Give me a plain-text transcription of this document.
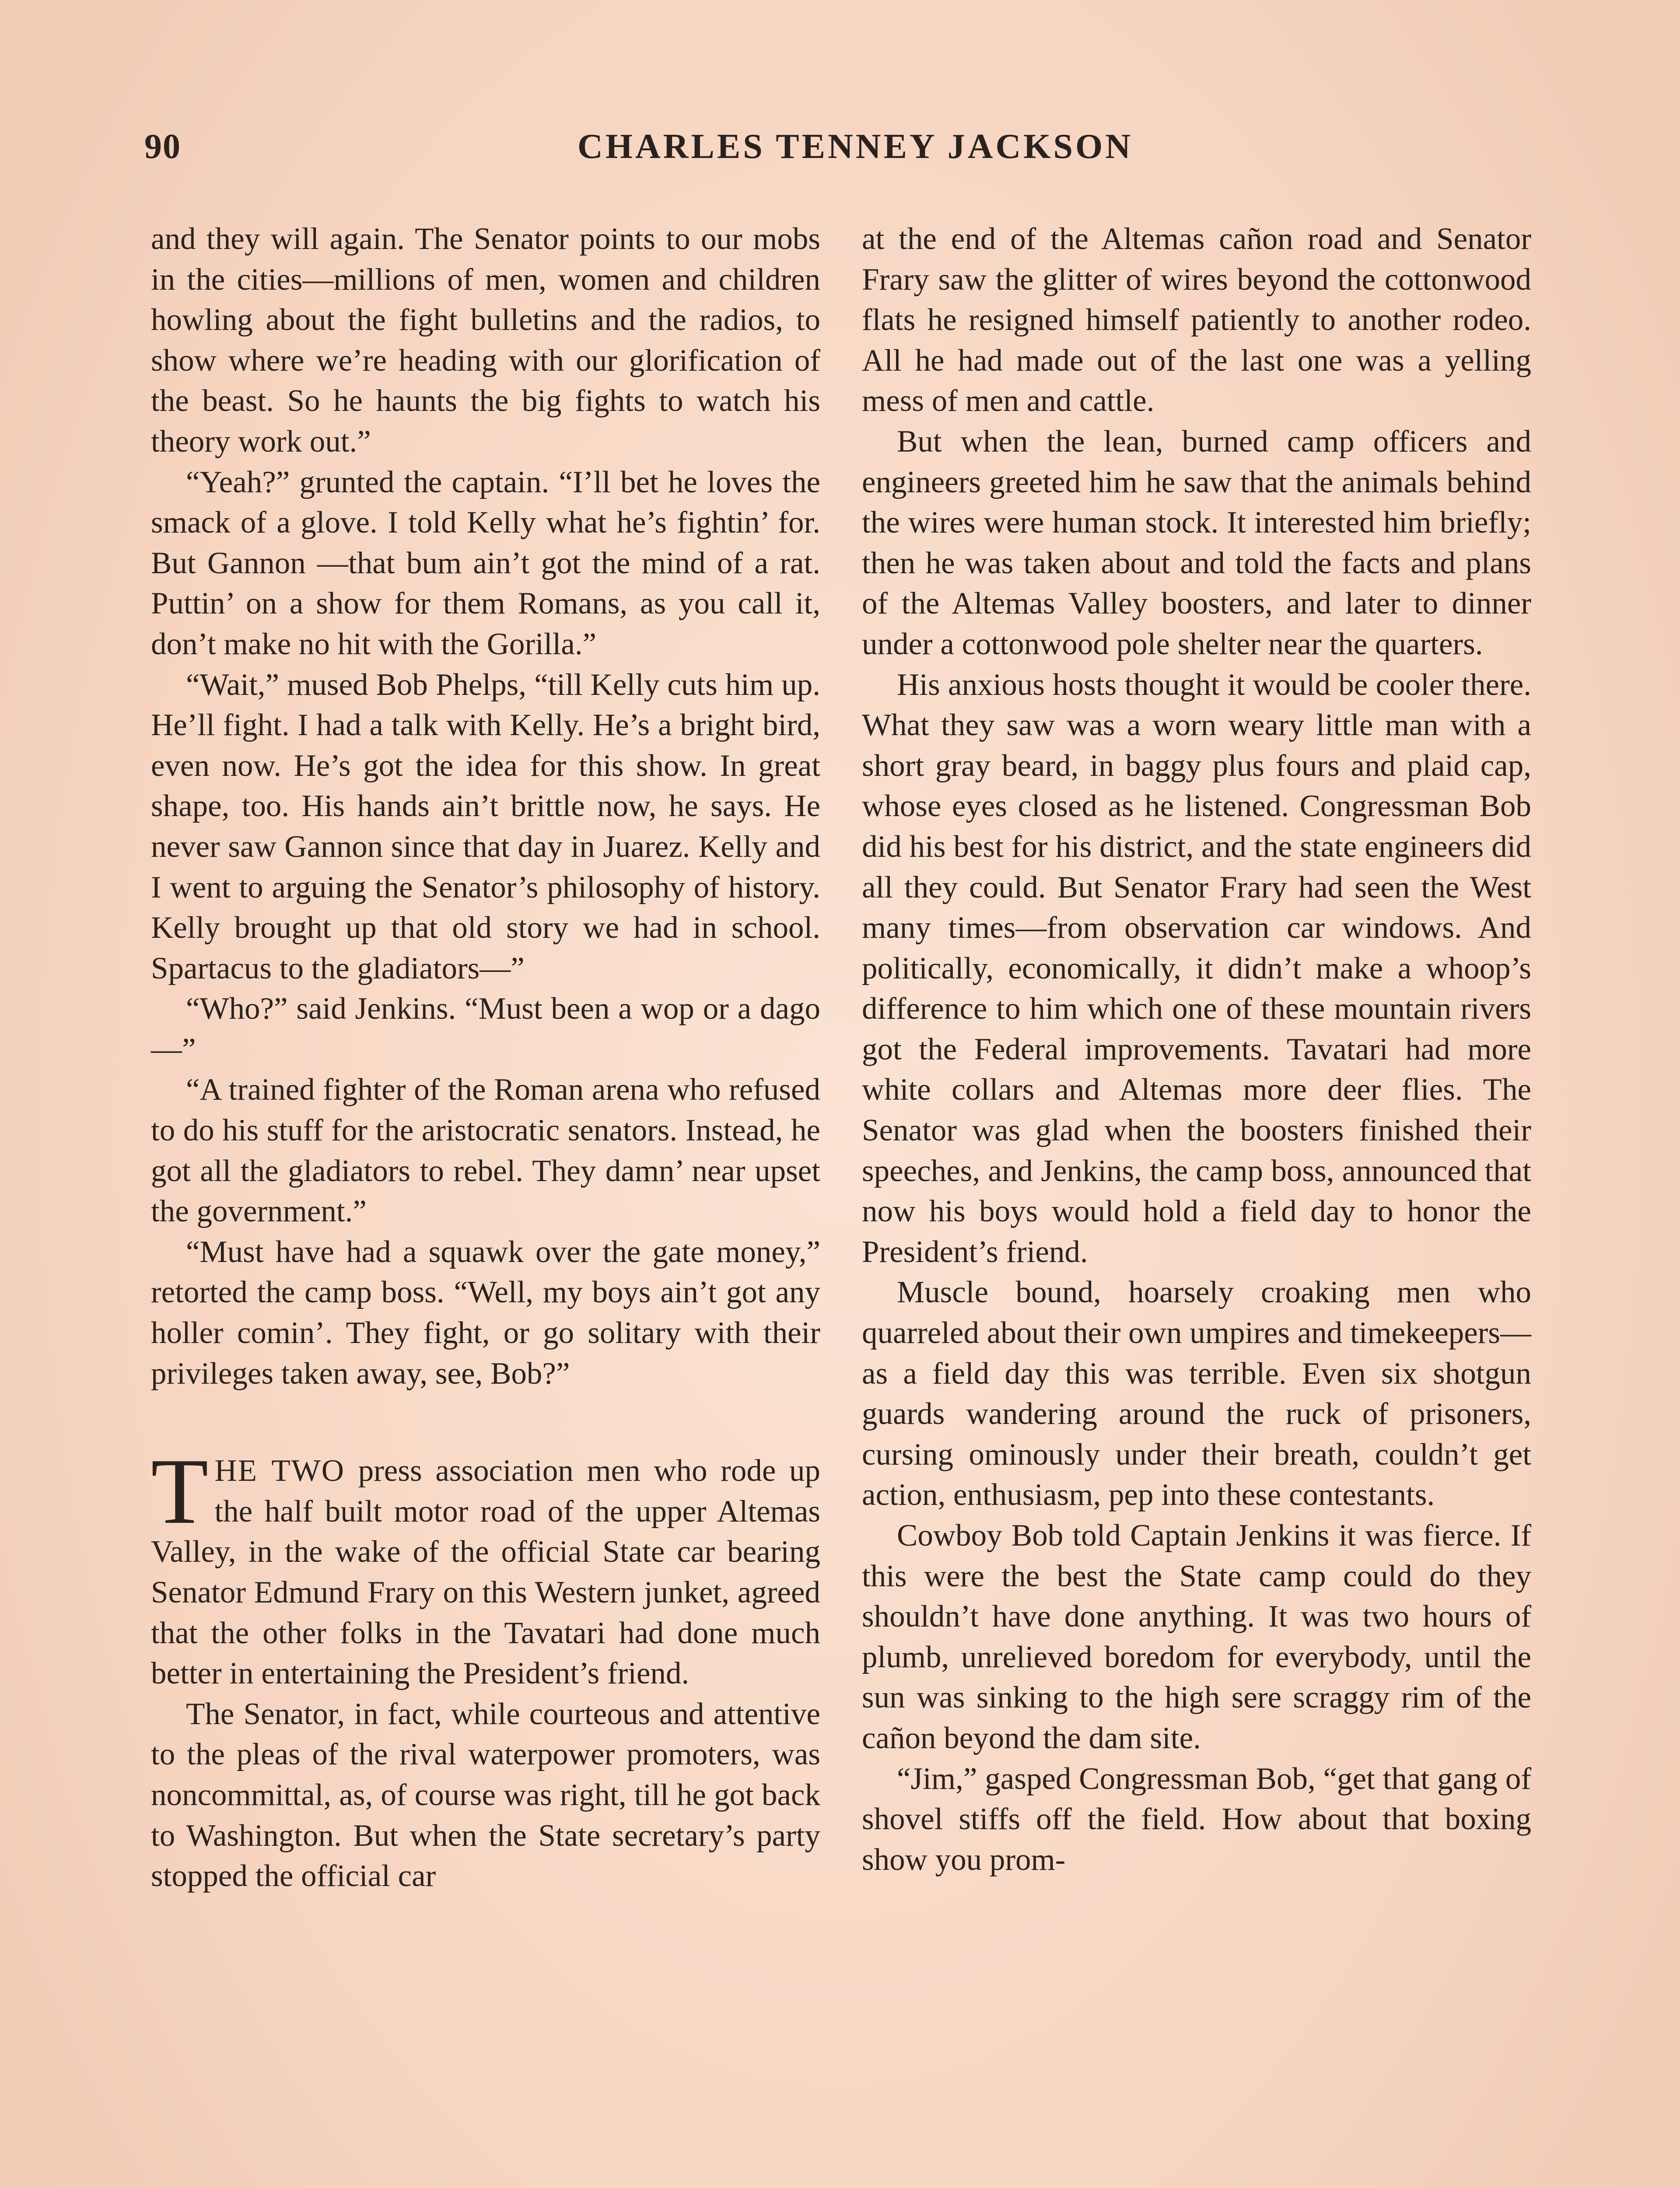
90	CHARLES TENNEY JACKSON

and they will again. The Senator points to our mobs in the cities—millions of men, women and children howling about the fight bulletins and the radios, to show where we’re heading with our glorification of the beast. So he haunts the big fights to watch his theory work out.”

“Yeah?” grunted the captain. “I’ll bet he loves the smack of a glove. I told Kelly what he’s fightin’ for. But Gannon —that bum ain’t got the mind of a rat. Puttin’ on a show for them Romans, as you call it, don’t make no hit with the Gorilla.”

“Wait,” mused Bob Phelps, “till Kelly cuts him up. He’ll fight. I had a talk with Kelly. He’s a bright bird, even now. He’s got the idea for this show. In great shape, too. His hands ain’t brittle now, he says. He never saw Gannon since that day in Juarez. Kelly and I went to arguing the Senator’s philosophy of history. Kelly brought up that old story we had in school. Spartacus to the gladiators—”

“Who?” said Jenkins. “Must been a wop or a dago—”

“A trained fighter of the Roman arena who refused to do his stuff for the aristocratic senators. Instead, he got all the gladiators to rebel. They damn’ near upset the government.”

“Must have had a squawk over the gate money,” retorted the camp boss. “Well, my boys ain’t got any holler comin’. They fight, or go solitary with their privileges taken away, see, Bob?”

THE TWO press association men who rode up the half built motor road of the upper Altemas Valley, in the wake of the official State car bearing Senator Edmund Frary on this Western junket, agreed that the other folks in the Tavatari had done much better in entertaining the President’s friend.

The Senator, in fact, while courteous and attentive to the pleas of the rival waterpower promoters, was noncommittal, as, of course was right, till he got back to Washington. But when the State secretary’s party stopped the official car

at the end of the Altemas cañon road and Senator Frary saw the glitter of wires beyond the cottonwood flats he resigned himself patiently to another rodeo. All he had made out of the last one was a yelling mess of men and cattle.

But when the lean, burned camp officers and engineers greeted him he saw that the animals behind the wires were human stock. It interested him briefly; then he was taken about and told the facts and plans of the Altemas Valley boosters, and later to dinner under a cottonwood pole shelter near the quarters.

His anxious hosts thought it would be cooler there. What they saw was a worn weary little man with a short gray beard, in baggy plus fours and plaid cap, whose eyes closed as he listened. Congressman Bob did his best for his district, and the state engineers did all they could. But Senator Frary had seen the West many times—from observation car windows. And politically, economically, it didn’t make a whoop’s difference to him which one of these mountain rivers got the Federal improvements. Tavatari had more white collars and Altemas more deer flies. The Senator was glad when the boosters finished their speeches, and Jenkins, the camp boss, announced that now his boys would hold a field day to honor the President’s friend.

Muscle bound, hoarsely croaking men who quarreled about their own umpires and timekeepers—as a field day this was terrible. Even six shotgun guards wandering around the ruck of prisoners, cursing ominously under their breath, couldn’t get action, enthusiasm, pep into these contestants.

Cowboy Bob told Captain Jenkins it was fierce. If this were the best the State camp could do they shouldn’t have done anything. It was two hours of plumb, unrelieved boredom for everybody, until the sun was sinking to the high sere scraggy rim of the cañon beyond the dam site.

“Jim,” gasped Congressman Bob, “get that gang of shovel stiffs off the field. How about that boxing show you prom-
